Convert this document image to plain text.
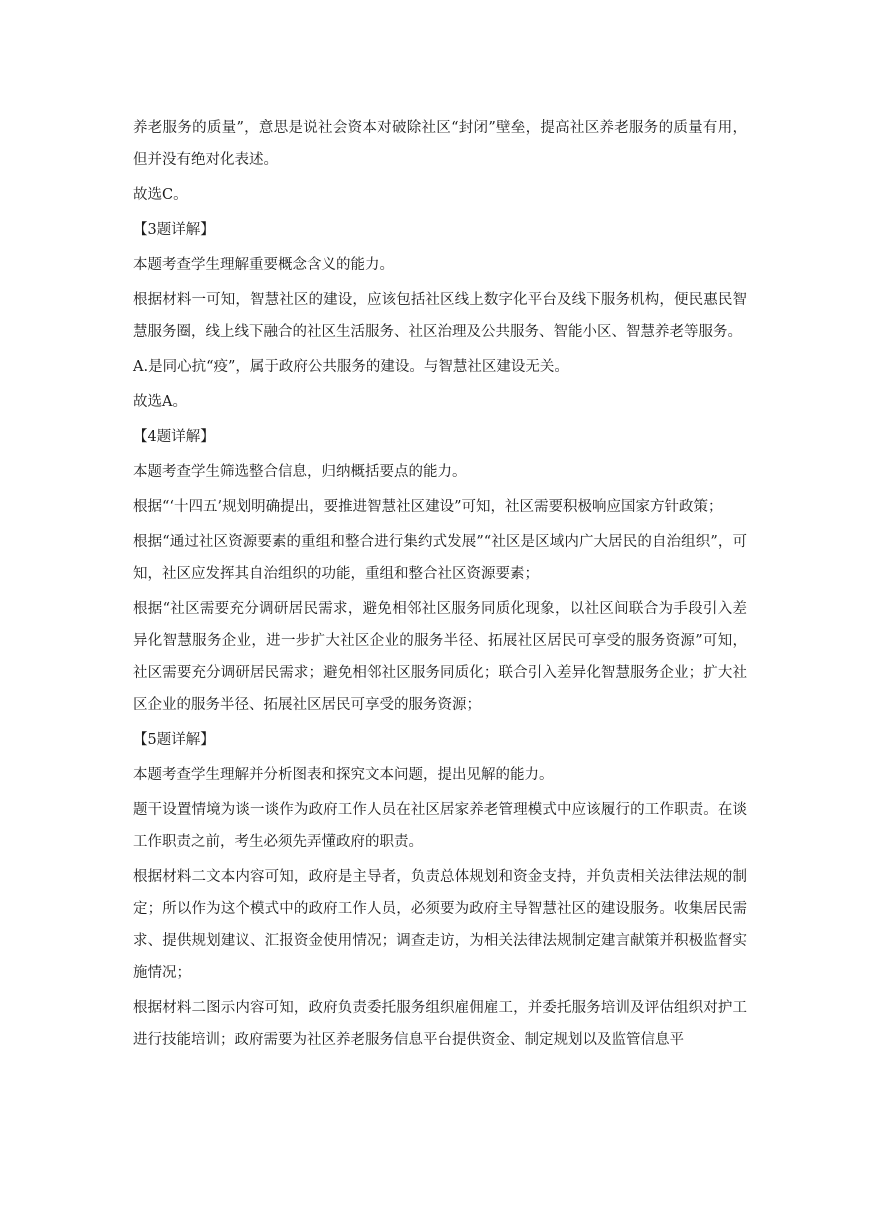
养老服务的质量”，意思是说社会资本对破除社区“封闭”壁垒，提高社区养老服务的质量有用，但并没有绝对化表述。

故选C。

【3题详解】

本题考查学生理解重要概念含义的能力。

根据材料一可知，智慧社区的建设，应该包括社区线上数字化平台及线下服务机构，便民惠民智慧服务圈，线上线下融合的社区生活服务、社区治理及公共服务、智能小区、智慧养老等服务。

A.是同心抗“疫”，属于政府公共服务的建设。与智慧社区建设无关。

故选A。

【4题详解】

本题考查学生筛选整合信息，归纳概括要点的能力。

根据“‘十四五’规划明确提出，要推进智慧社区建设”可知，社区需要积极响应国家方针政策；

根据“通过社区资源要素的重组和整合进行集约式发展”“社区是区域内广大居民的自治组织”，可知，社区应发挥其自治组织的功能，重组和整合社区资源要素；

根据“社区需要充分调研居民需求，避免相邻社区服务同质化现象，以社区间联合为手段引入差异化智慧服务企业，进一步扩大社区企业的服务半径、拓展社区居民可享受的服务资源”可知，社区需要充分调研居民需求；避免相邻社区服务同质化；联合引入差异化智慧服务企业；扩大社区企业的服务半径、拓展社区居民可享受的服务资源；

【5题详解】

本题考查学生理解并分析图表和探究文本问题，提出见解的能力。

题干设置情境为谈一谈作为政府工作人员在社区居家养老管理模式中应该履行的工作职责。在谈工作职责之前，考生必须先弄懂政府的职责。

根据材料二文本内容可知，政府是主导者，负责总体规划和资金支持，并负责相关法律法规的制定；所以作为这个模式中的政府工作人员，必须要为政府主导智慧社区的建设服务。收集居民需求、提供规划建议、汇报资金使用情况；调查走访，为相关法律法规制定建言献策并积极监督实施情况；

根据材料二图示内容可知，政府负责委托服务组织雇佣雇工，并委托服务培训及评估组织对护工进行技能培训；政府需要为社区养老服务信息平台提供资金、制定规划以及监管信息平
